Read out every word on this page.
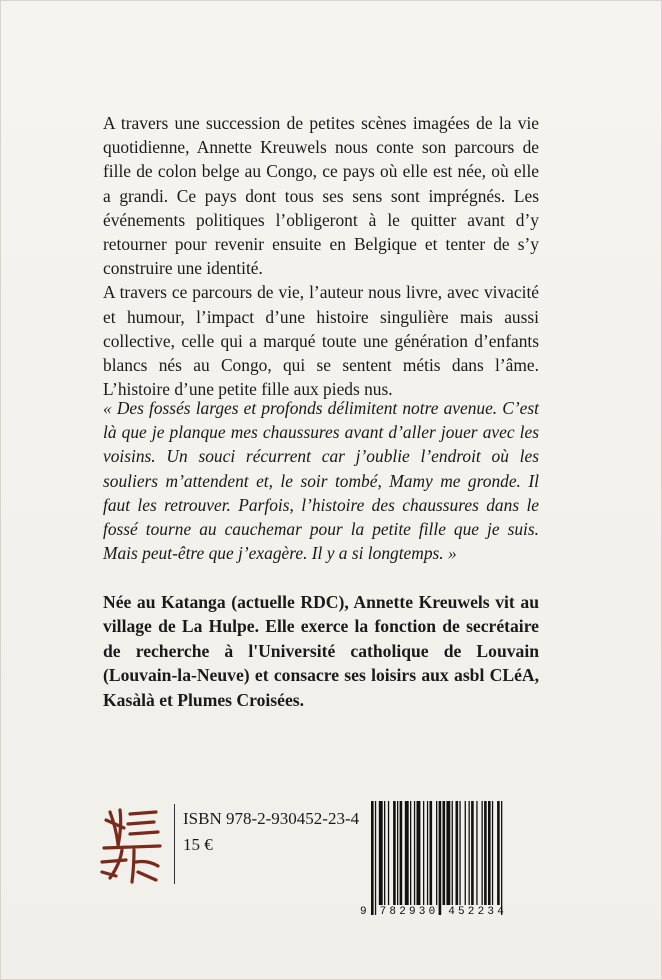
A travers une succession de petites scènes imagées de la vie quotidienne, Annette Kreuwels nous conte son parcours de fille de colon belge au Congo, ce pays où elle est née, où elle a grandi. Ce pays dont tous ses sens sont imprégnés. Les événements politiques l’obligeront à le quitter avant d’y retourner pour revenir ensuite en Belgique et tenter de s’y construire une identité.

A travers ce parcours de vie, l’auteur nous livre, avec vivacité et humour, l’impact d’une histoire singulière mais aussi collective, celle qui a marqué toute une génération d’enfants blancs nés au Congo, qui se sentent métis dans l’âme. L’histoire d’une petite fille aux pieds nus.

« Des fossés larges et profonds délimitent notre avenue. C’est là que je planque mes chaussures avant d’aller jouer avec les voisins. Un souci récurrent car j’oublie l’endroit où les souliers m’attendent et, le soir tombé, Mamy me gronde. Il faut les retrouver. Parfois, l’histoire des chaussures dans le fossé tourne au cauchemar pour la petite fille que je suis. Mais peut-être que j’exagère. Il y a si longtemps. »
Née au Katanga (actuelle RDC), Annette Kreuwels vit au village de La Hulpe. Elle exerce la fonction de secrétaire de recherche à l'Université catholique de Louvain (Louvain-la-Neuve) et consacre ses loisirs aux asbl CLéA, Kasàlà et Plumes Croisées.
ISBN 978-2-930452-23-4
15 €
9 782930 452234
